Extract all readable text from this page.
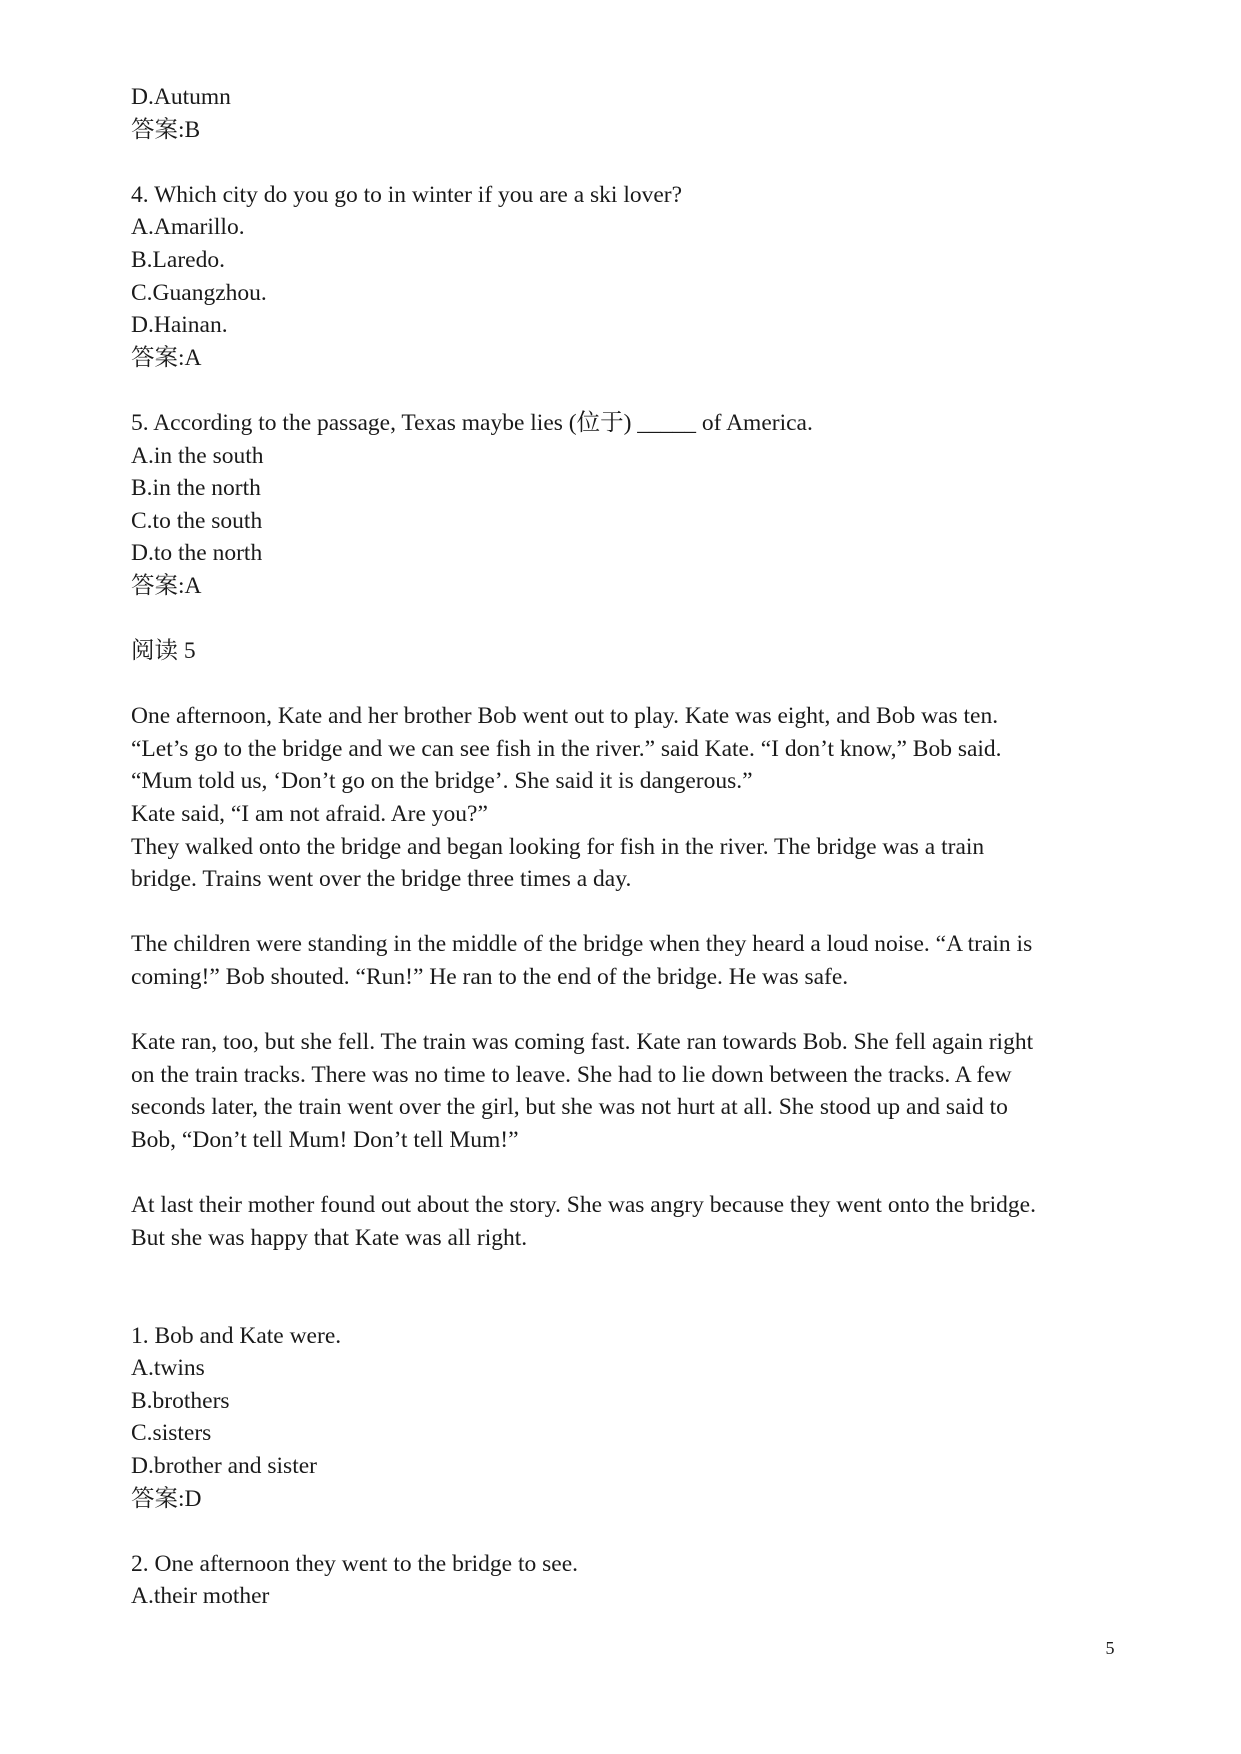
D.Autumn
答案:B
4. Which city do you go to in winter if you are a ski lover?
A.Amarillo.
B.Laredo.
C.Guangzhou.
D.Hainan.
答案:A
5. According to the passage, Texas maybe lies (位于) _____ of America.
A.in the south
B.in the north
C.to the south
D.to the north
答案:A
阅读 5
One afternoon, Kate and her brother Bob went out to play. Kate was eight, and Bob was ten.
“Let’s go to the bridge and we can see fish in the river.” said Kate. “I don’t know,” Bob said.
“Mum told us, ‘Don’t go on the bridge’. She said it is dangerous.”
Kate said, “I am not afraid. Are you?”
They walked onto the bridge and began looking for fish in the river. The bridge was a train
bridge. Trains went over the bridge three times a day.
The children were standing in the middle of the bridge when they heard a loud noise. “A train is
coming!” Bob shouted. “Run!” He ran to the end of the bridge. He was safe.
Kate ran, too, but she fell. The train was coming fast. Kate ran towards Bob. She fell again right
on the train tracks. There was no time to leave. She had to lie down between the tracks. A few
seconds later, the train went over the girl, but she was not hurt at all. She stood up and said to
Bob, “Don’t tell Mum! Don’t tell Mum!”
At last their mother found out about the story. She was angry because they went onto the bridge.
But she was happy that Kate was all right.
1. Bob and Kate were.
A.twins
B.brothers
C.sisters
D.brother and sister
答案:D
2. One afternoon they went to the bridge to see.
A.their mother
5
